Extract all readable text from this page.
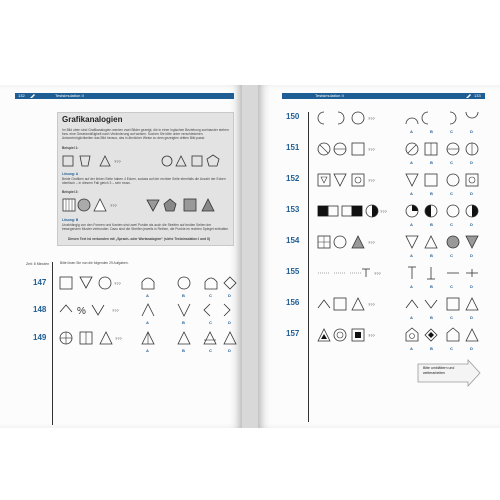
132	Testsimulation II	Testsimulation II	133
Grafikanalogien
Im Bild oben sind Grafikanalogien werden zwei Bilder gezeigt, die in einer logischen Beziehung zueinander stehen bzw. eine Gesetzmäßigkeit nach Veränderung auf weisen. Suchen Sie bitte unter verschiedenen Antwortmöglichkeiten das Bild heraus, das in ähnlicher Weise zu dem gezeigten dritten Bild passt.
Beispiel 1:
???
Lösung: A
Beide Grafiken auf der linken Seite haben 4 Ecken, sodass auf der rechten Seite ebenfalls die Anzahl der Ecken identisch – in diesem Fall gleich 3 – sein muss.
Beispiel 2:
???
Lösung: B
Unabhängig von den Formen und Kanten sind zwei Punkte als auch die Streifen auf beiden Seiten der bewegenden Muster verbunden. Dazu sind die Streifen jeweils in Reihen, die Punkte im rechten Spiegel enthalten.
Diesen Text ist verbunden mit „Sprach- oder Wortanalogien“ (siehe Testsimulation I und II)
Zeit: 8 Minuten	Bitte lösen Sie nun die folgenden 29 Aufgaben.
147	???
A	B	C	D
148	%	???
A	B	C	D
149	???
A	B	C	D
150	???
A	B	C	D
151	???
A	B	C	D
152	???
A	B	C	D
153	???
A	B	C	D
154	???
A	B	C	D
155	???
A	B	C	D
156	???
A	B	C	D
157	???
A	B	C	D
Bitte umblättern und weiterarbeiten
